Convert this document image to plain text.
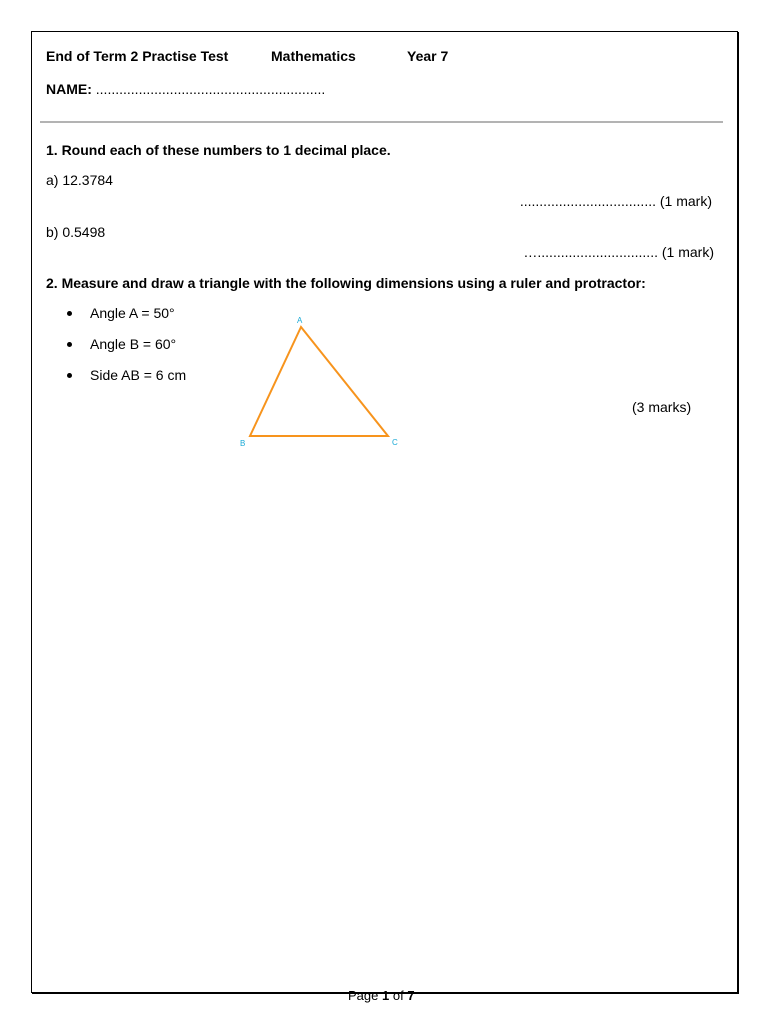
End of Term 2 Practise Test	Mathematics	Year 7
NAME: ...........................................................
1. Round each of these numbers to 1 decimal place.
a) 12.3784
................................... (1 mark)
b) 0.5498
…............................... (1 mark)
2. Measure and draw a triangle with the following dimensions using a ruler and protractor:
Angle A = 50°
Angle B = 60°
Side AB = 6 cm
(3 marks)
A
B	C
Page 1 of 7
